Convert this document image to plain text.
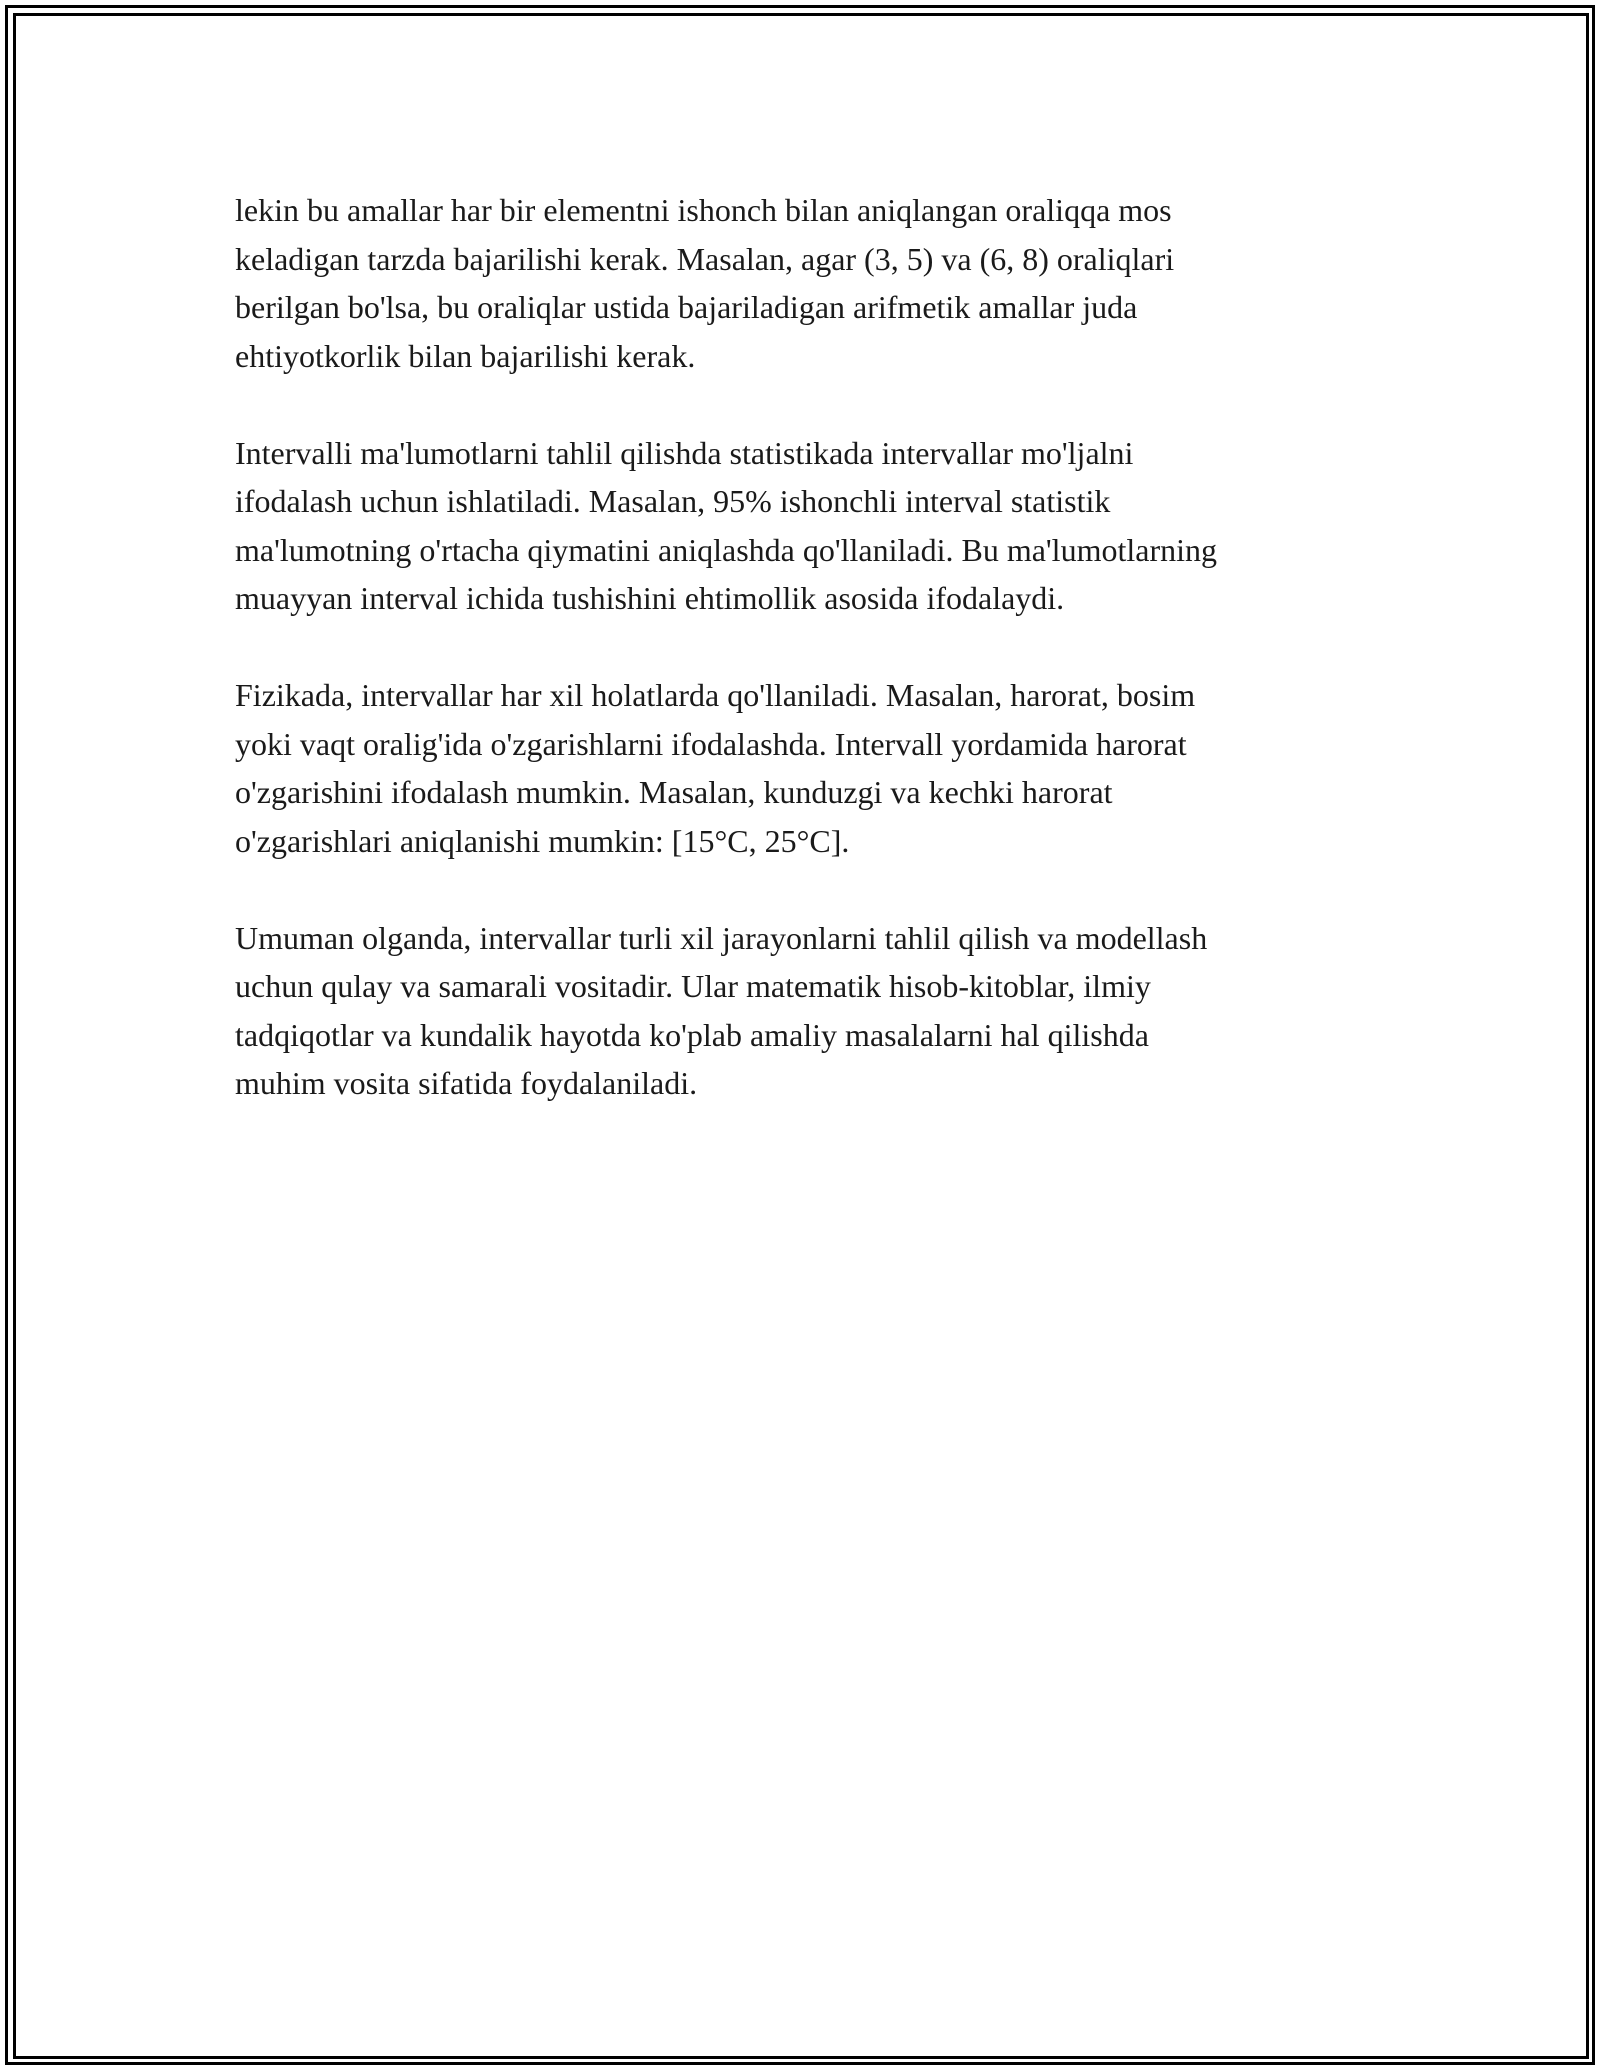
lekin bu amallar har bir elementni ishonch bilan aniqlangan oraliqqa mos
keladigan tarzda bajarilishi kerak. Masalan, agar (3, 5) va (6, 8) oraliqlari
berilgan bo'lsa, bu oraliqlar ustida bajariladigan arifmetik amallar juda
ehtiyotkorlik bilan bajarilishi kerak.

Intervalli ma'lumotlarni tahlil qilishda statistikada intervallar mo'ljalni
ifodalash uchun ishlatiladi. Masalan, 95% ishonchli interval statistik
ma'lumotning o'rtacha qiymatini aniqlashda qo'llaniladi. Bu ma'lumotlarning
muayyan interval ichida tushishini ehtimollik asosida ifodalaydi.

Fizikada, intervallar har xil holatlarda qo'llaniladi. Masalan, harorat, bosim
yoki vaqt oralig'ida o'zgarishlarni ifodalashda. Intervall yordamida harorat
o'zgarishini ifodalash mumkin. Masalan, kunduzgi va kechki harorat
o'zgarishlari aniqlanishi mumkin: [15°C, 25°C].

Umuman olganda, intervallar turli xil jarayonlarni tahlil qilish va modellash
uchun qulay va samarali vositadir. Ular matematik hisob-kitoblar, ilmiy
tadqiqotlar va kundalik hayotda ko'plab amaliy masalalarni hal qilishda
muhim vosita sifatida foydalaniladi.
